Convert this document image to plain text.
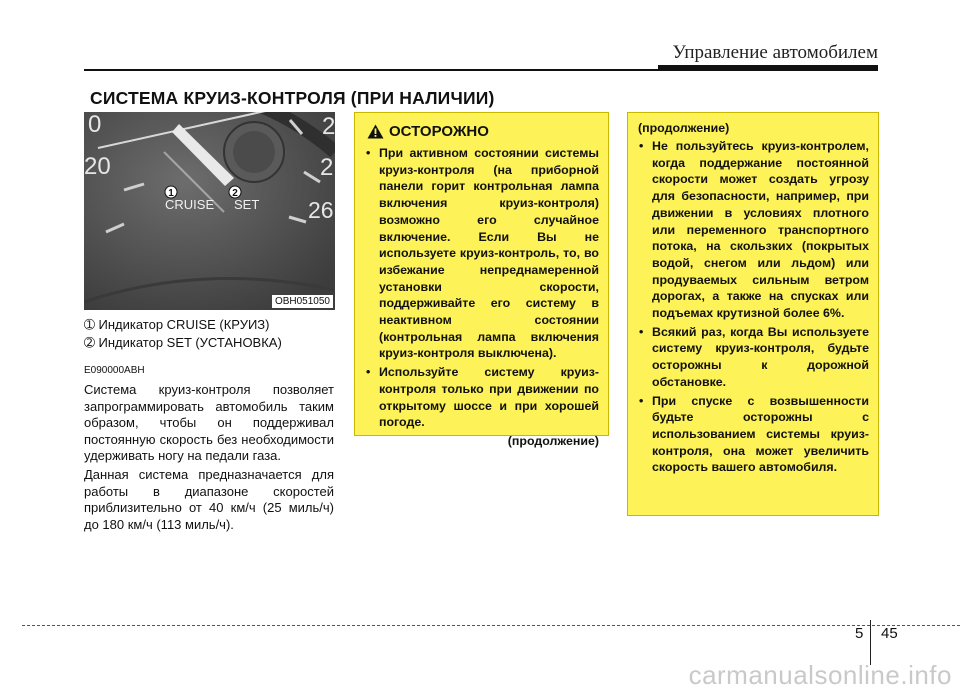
Управление автомобилем
СИСТЕМА КРУИЗ-КОНТРОЛЯ (ПРИ НАЛИЧИИ)
0
20
2
2
26
1	2
CRUISE SET
OBH051050
➀ Индикатор CRUISE (КРУИЗ)
➁ Индикатор SET (УСТАНОВКА)
E090000ABH

Система круиз-контроля позволяет запрограммировать автомобиль таким образом, чтобы он поддерживал постоянную скорость без необходимости удерживать ногу на педали газа.

Данная система предназначается для работы в диапазоне скоростей приблизительно от 40 км/ч (25 миль/ч) до 180 км/ч (113 миль/ч).

ОСТОРОЖНО
• При активном состоянии системы круиз-контроля (на приборной панели горит контрольная лампа включения круиз-контроля) возможно его случайное включение. Если Вы не используете круиз-контроль, то, во избежание непреднамеренной установки скорости, поддерживайте его систему в неактивном состоянии (контрольная лампа включения круиз-контроля выключена).
• Используйте систему круиз-контроля только при движении по открытому шоссе и при хорошей погоде.
(продолжение)
(продолжение)
• Не пользуйтесь круиз-контролем, когда поддержание постоянной скорости может создать угрозу для безопасности, например, при движении в условиях плотного или переменного транспортного потока, на скользких (покрытых водой, снегом или льдом) или продуваемых сильным ветром дорогах, а также на спусках или подъемах крутизной более 6%.
• Всякий раз, когда Вы используете систему круиз-контроля, будьте осторожны к дорожной обстановке.
• При спуске с возвышенности будьте осторожны с использованием системы круиз-контроля, она может увеличить скорость вашего автомобиля.
5 45
carmanualsonline.info
